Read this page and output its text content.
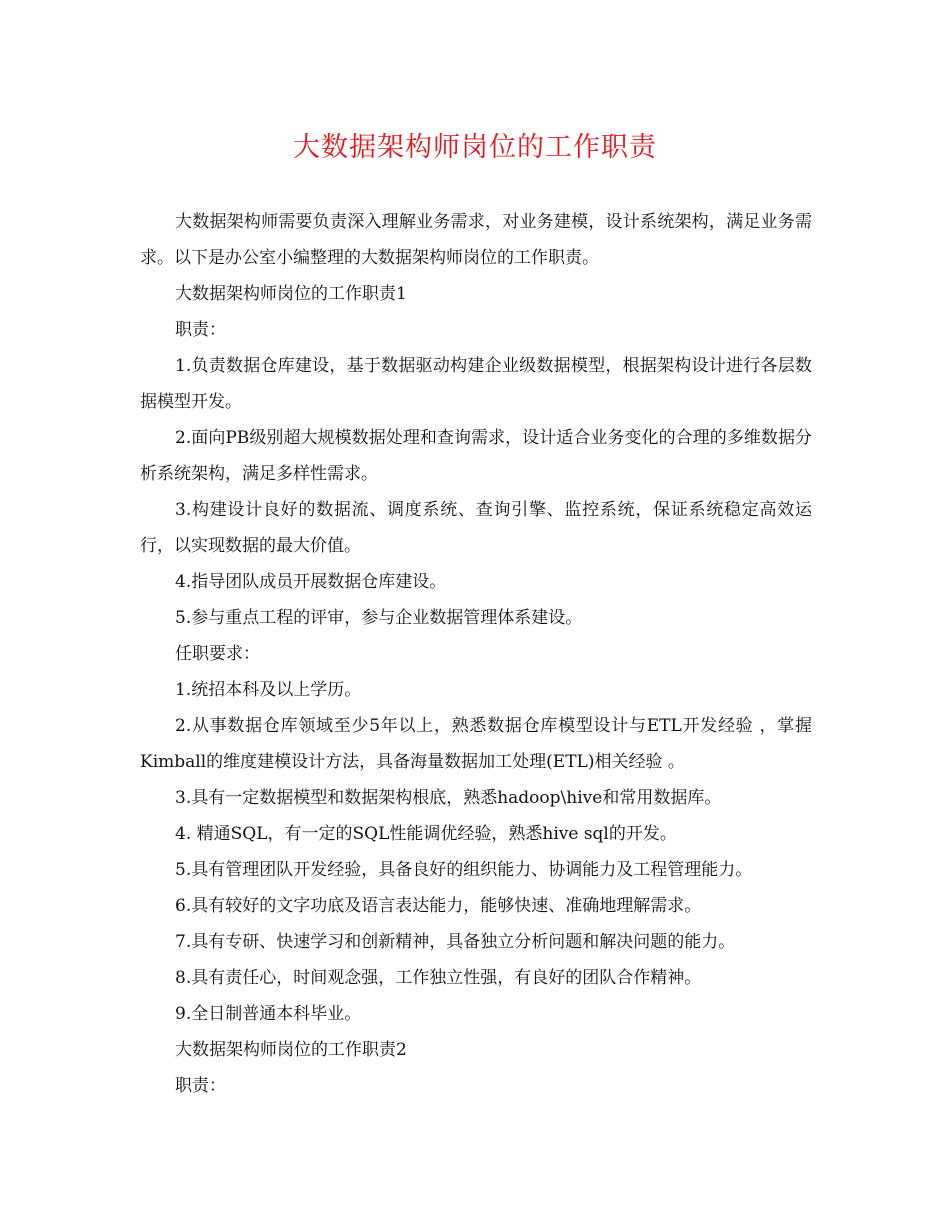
大数据架构师岗位的工作职责

大数据架构师需要负责深入理解业务需求，对业务建模，设计系统架构，满足业务需求。以下是办公室小编整理的大数据架构师岗位的工作职责。

大数据架构师岗位的工作职责1

职责：

1.负责数据仓库建设，基于数据驱动构建企业级数据模型，根据架构设计进行各层数据模型开发。

2.面向PB级别超大规模数据处理和查询需求，设计适合业务变化的合理的多维数据分析系统架构，满足多样性需求。

3.构建设计良好的数据流、调度系统、查询引擎、监控系统，保证系统稳定高效运行，以实现数据的最大价值。

4.指导团队成员开展数据仓库建设。

5.参与重点工程的评审，参与企业数据管理体系建设。

任职要求：

1.统招本科及以上学历。

2.从事数据仓库领域至少5年以上，熟悉数据仓库模型设计与ETL开发经验 ，掌握Kimball的维度建模设计方法，具备海量数据加工处理(ETL)相关经验 。

3.具有一定数据模型和数据架构根底，熟悉hadoop\hive和常用数据库。

4. 精通SQL，有一定的SQL性能调优经验，熟悉hive sql的开发。

5.具有管理团队开发经验，具备良好的组织能力、协调能力及工程管理能力。

6.具有较好的文字功底及语言表达能力，能够快速、准确地理解需求。

7.具有专研、快速学习和创新精神，具备独立分析问题和解决问题的能力。

8.具有责任心，时间观念强，工作独立性强，有良好的团队合作精神。

9.全日制普通本科毕业。

大数据架构师岗位的工作职责2

职责：
